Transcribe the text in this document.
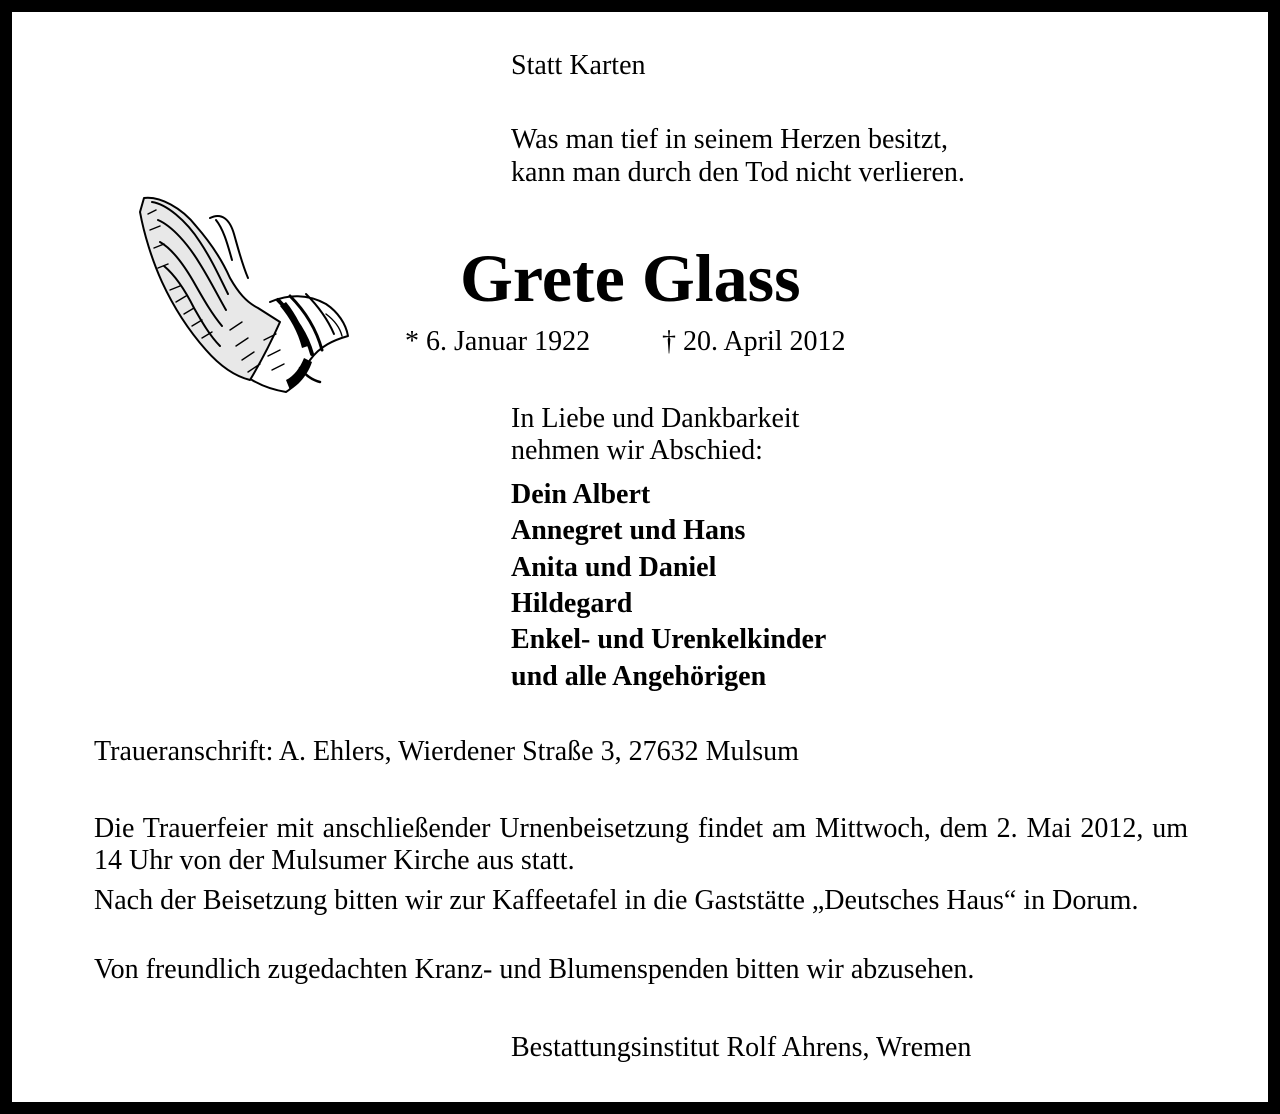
Statt Karten
Was man tief in seinem Herzen besitzt,
kann man durch den Tod nicht verlieren.
Grete Glass
* 6. Januar 1922	† 20. April 2012
In Liebe und Dankbarkeit
nehmen wir Abschied:
Dein Albert
Annegret und Hans
Anita und Daniel
Hildegard
Enkel- und Urenkelkinder
und alle Angehörigen
Traueranschrift: A. Ehlers, Wierdener Straße 3, 27632 Mulsum
Die Trauerfeier mit anschließender Urnenbeisetzung findet am Mittwoch, dem 2. Mai 2012, um 14 Uhr von der Mulsumer Kirche aus statt.
Nach der Beisetzung bitten wir zur Kaffeetafel in die Gaststätte „Deutsches Haus“ in Dorum.
Von freundlich zugedachten Kranz- und Blumenspenden bitten wir abzusehen.
Bestattungsinstitut Rolf Ahrens, Wremen
